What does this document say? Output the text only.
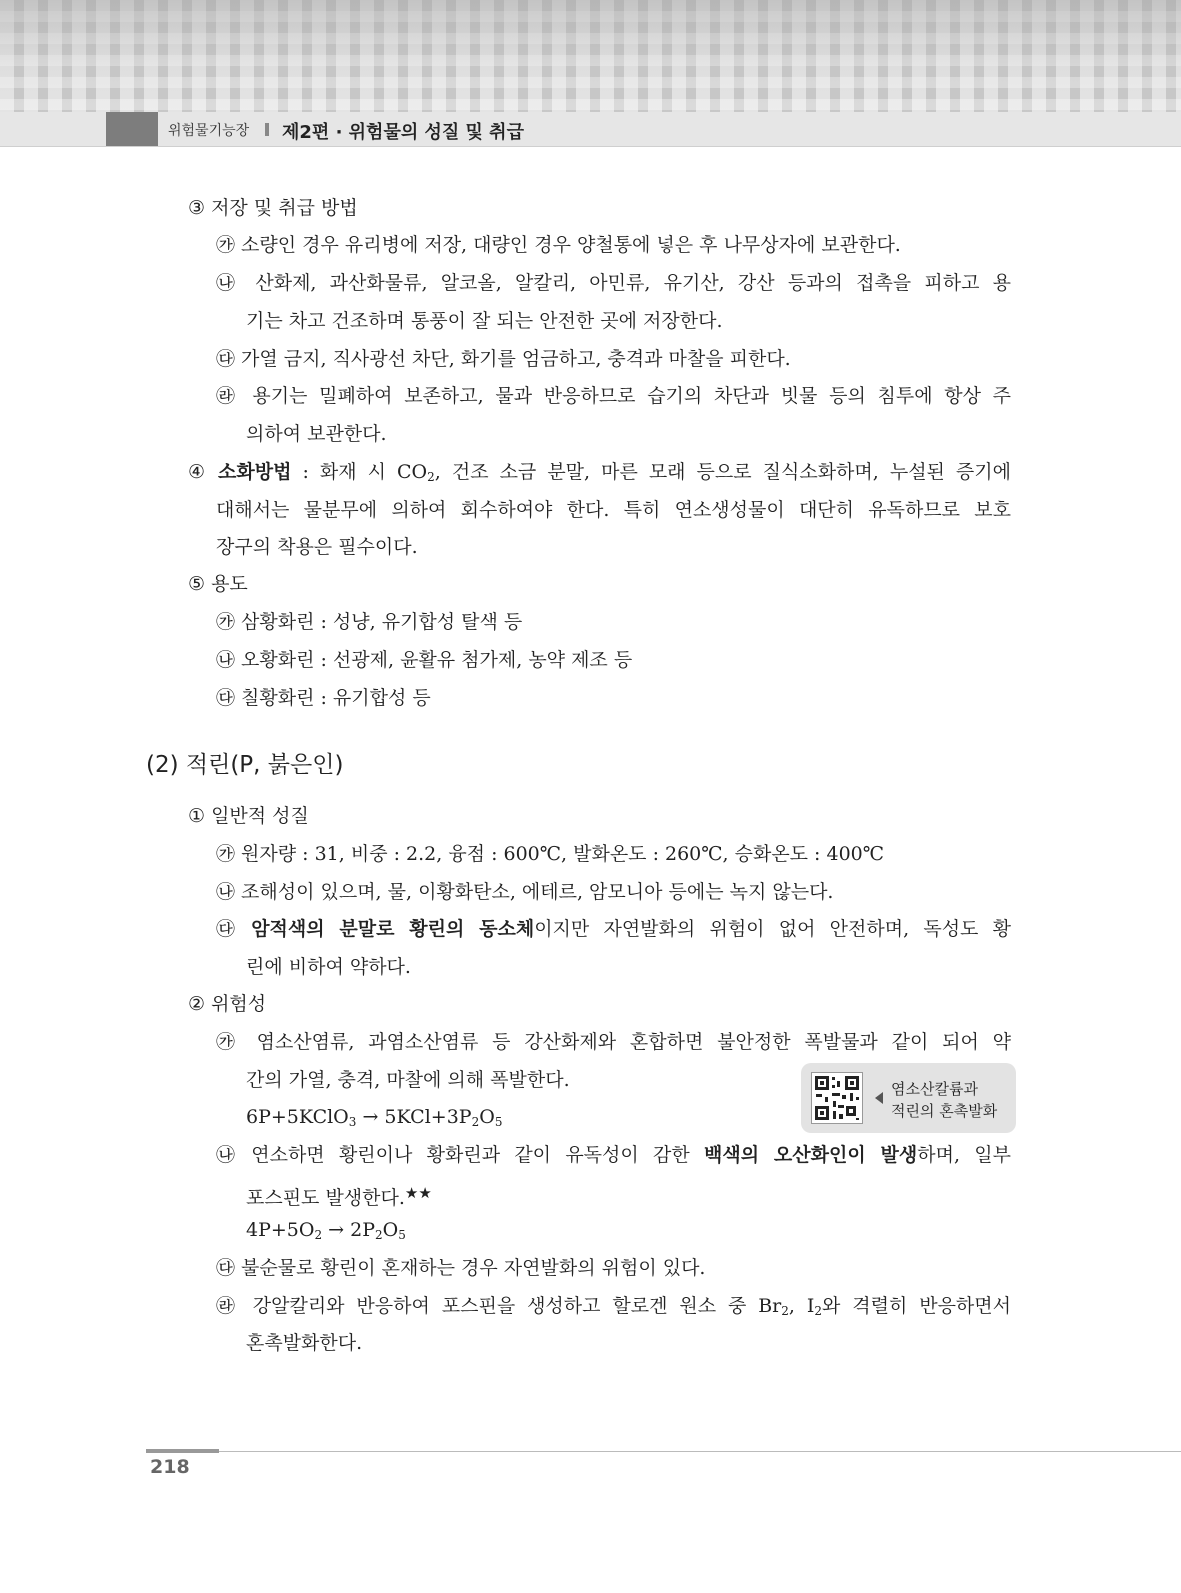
위험물기능장 제2편 · 위험물의 성질 및 취급
③ 저장 및 취급 방법
㉮ 소량인 경우 유리병에 저장, 대량인 경우 양철통에 넣은 후 나무상자에 보관한다.
㉯ 산화제, 과산화물류, 알코올, 알칼리, 아민류, 유기산, 강산 등과의 접촉을 피하고 용
기는 차고 건조하며 통풍이 잘 되는 안전한 곳에 저장한다.
㉰ 가열 금지, 직사광선 차단, 화기를 엄금하고, 충격과 마찰을 피한다.
㉱ 용기는 밀폐하여 보존하고, 물과 반응하므로 습기의 차단과 빗물 등의 침투에 항상 주
의하여 보관한다.
④ 소화방법 : 화재 시 $CO_2$, 건조 소금 분말, 마른 모래 등으로 질식소화하며, 누설된 증기에
대해서는 물분무에 의하여 회수하여야 한다. 특히 연소생성물이 대단히 유독하므로 보호
장구의 착용은 필수이다.
⑤ 용도
㉮ 삼황화린 : 성냥, 유기합성 탈색 등
㉯ 오황화린 : 선광제, 윤활유 첨가제, 농약 제조 등
㉰ 칠황화린 : 유기합성 등
(2) 적린(P, 붉은인)
① 일반적 성질
㉮ 원자량 : 31, 비중 : 2.2, 융점 : 600℃, 발화온도 : 260℃, 승화온도 : 400℃
㉯ 조해성이 있으며, 물, 이황화탄소, 에테르, 암모니아 등에는 녹지 않는다.
㉰ 암적색의 분말로 황린의 동소체이지만 자연발화의 위험이 없어 안전하며, 독성도 황
린에 비하여 약하다.
② 위험성
㉮ 염소산염류, 과염소산염류 등 강산화제와 혼합하면 불안정한 폭발물과 같이 되어 약
간의 가열, 충격, 마찰에 의해 폭발한다.
6P+5KClO$_3$ → $5KCl+3P_2O_5$
㉯ 연소하면 황린이나 황화린과 같이 유독성이 감한 백색의 오산화인이 발생하며, 일부
포스핀도 발생한다.★★
$4P+5O_2 \to 2P_2O_5$
㉰ 불순물로 황린이 혼재하는 경우 자연발화의 위험이 있다.
㉱ 강알칼리와 반응하여 포스핀을 생성하고 할로겐 원소 중 $Br_2$, $I_2$와 격렬히 반응하면서
혼촉발화한다.
염소산칼륨과
적린의 혼촉발화
218
